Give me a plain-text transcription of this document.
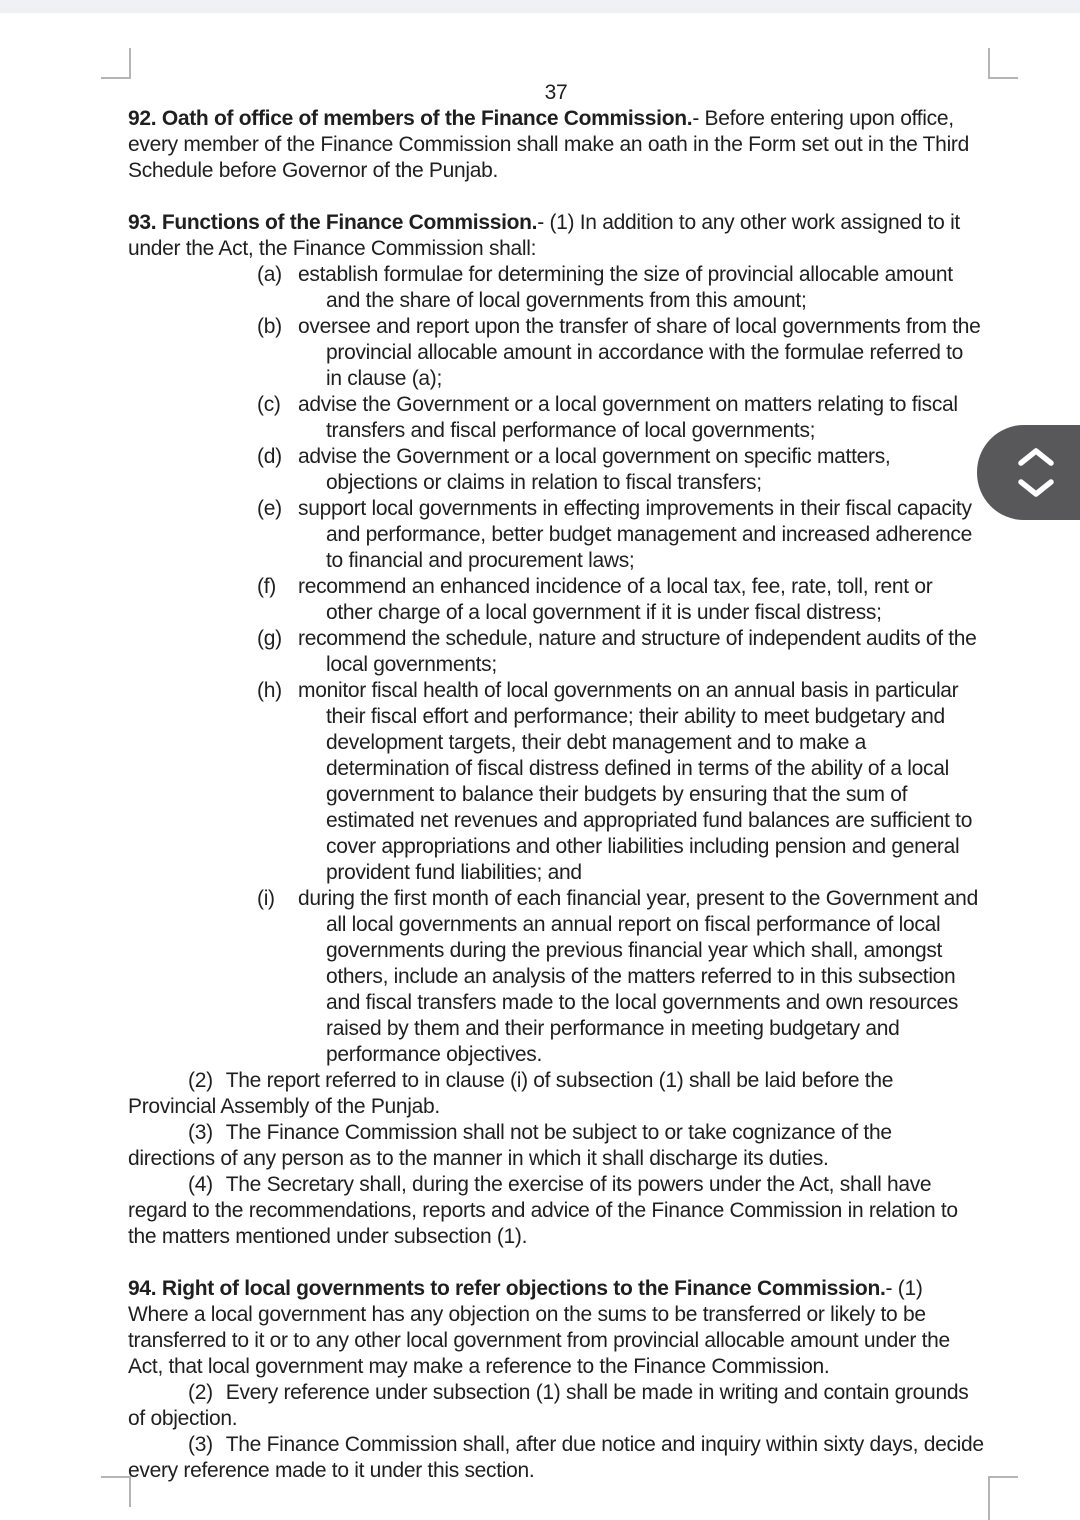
37

92. Oath of office of members of the Finance Commission.- Before entering upon office, every member of the Finance Commission shall make an oath in the Form set out in the Third Schedule before Governor of the Punjab.

93. Functions of the Finance Commission.- (1) In addition to any other work assigned to it under the Act, the Finance Commission shall:

(a) establish formulae for determining the size of provincial allocable amount and the share of local governments from this amount;
(b) oversee and report upon the transfer of share of local governments from the provincial allocable amount in accordance with the formulae referred to in clause (a);
(c) advise the Government or a local government on matters relating to fiscal transfers and fiscal performance of local governments;
(d) advise the Government or a local government on specific matters, objections or claims in relation to fiscal transfers;
(e) support local governments in effecting improvements in their fiscal capacity and performance, better budget management and increased adherence to financial and procurement laws;
(f) recommend an enhanced incidence of a local tax, fee, rate, toll, rent or other charge of a local government if it is under fiscal distress;
(g) recommend the schedule, nature and structure of independent audits of the local governments;
(h) monitor fiscal health of local governments on an annual basis in particular their fiscal effort and performance; their ability to meet budgetary and development targets, their debt management and to make a determination of fiscal distress defined in terms of the ability of a local government to balance their budgets by ensuring that the sum of estimated net revenues and appropriated fund balances are sufficient to cover appropriations and other liabilities including pension and general provident fund liabilities; and
(i) during the first month of each financial year, present to the Government and all local governments an annual report on fiscal performance of local governments during the previous financial year which shall, amongst others, include an analysis of the matters referred to in this subsection and fiscal transfers made to the local governments and own resources raised by them and their performance in meeting budgetary and performance objectives.

(2) The report referred to in clause (i) of subsection (1) shall be laid before the Provincial Assembly of the Punjab.

(3) The Finance Commission shall not be subject to or take cognizance of the directions of any person as to the manner in which it shall discharge its duties.

(4) The Secretary shall, during the exercise of its powers under the Act, shall have regard to the recommendations, reports and advice of the Finance Commission in relation to the matters mentioned under subsection (1).

94. Right of local governments to refer objections to the Finance Commission.- (1) Where a local government has any objection on the sums to be transferred or likely to be transferred to it or to any other local government from provincial allocable amount under the Act, that local government may make a reference to the Finance Commission.

(2) Every reference under subsection (1) shall be made in writing and contain grounds of objection.

(3) The Finance Commission shall, after due notice and inquiry within sixty days, decide every reference made to it under this section.
